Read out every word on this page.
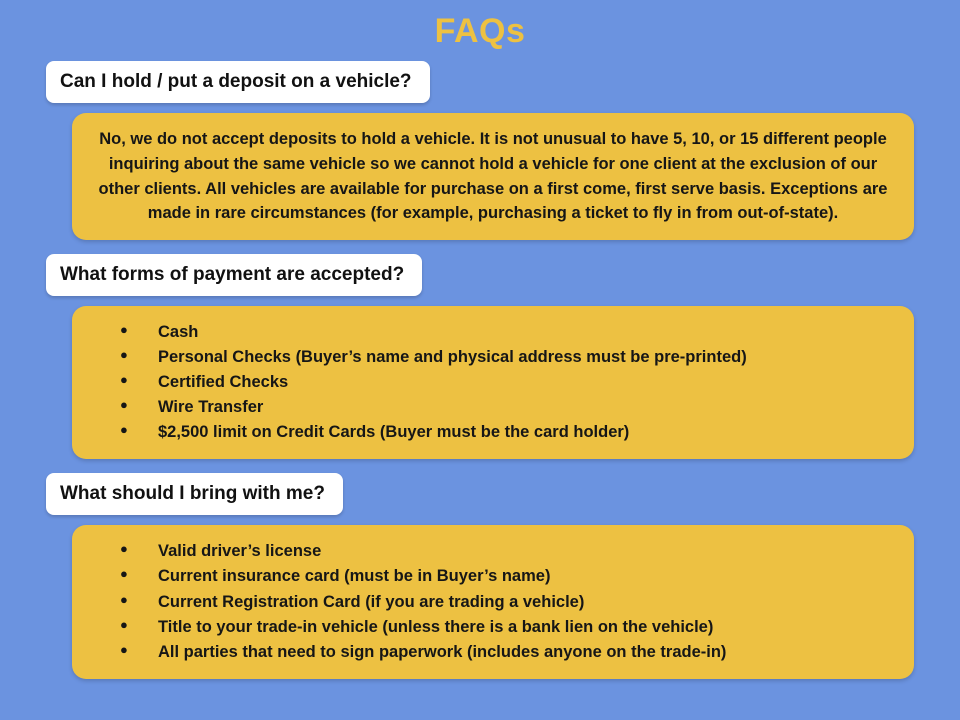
FAQs
Can I hold / put a deposit on a vehicle?
No, we do not accept deposits to hold a vehicle. It is not unusual to have 5, 10, or 15 different people inquiring about the same vehicle so we cannot hold a vehicle for one client at the exclusion of our other clients. All vehicles are available for purchase on a first come, first serve basis. Exceptions are made in rare circumstances (for example, purchasing a ticket to fly in from out-of-state).
What forms of payment are accepted?
● Cash
● Personal Checks (Buyer’s name and physical address must be pre-printed)
● Certified Checks
● Wire Transfer
● $2,500 limit on Credit Cards (Buyer must be the card holder)
What should I bring with me?
● Valid driver’s license
● Current insurance card (must be in Buyer’s name)
● Current Registration Card (if you are trading a vehicle)
● Title to your trade-in vehicle (unless there is a bank lien on the vehicle)
● All parties that need to sign paperwork (includes anyone on the trade-in)
